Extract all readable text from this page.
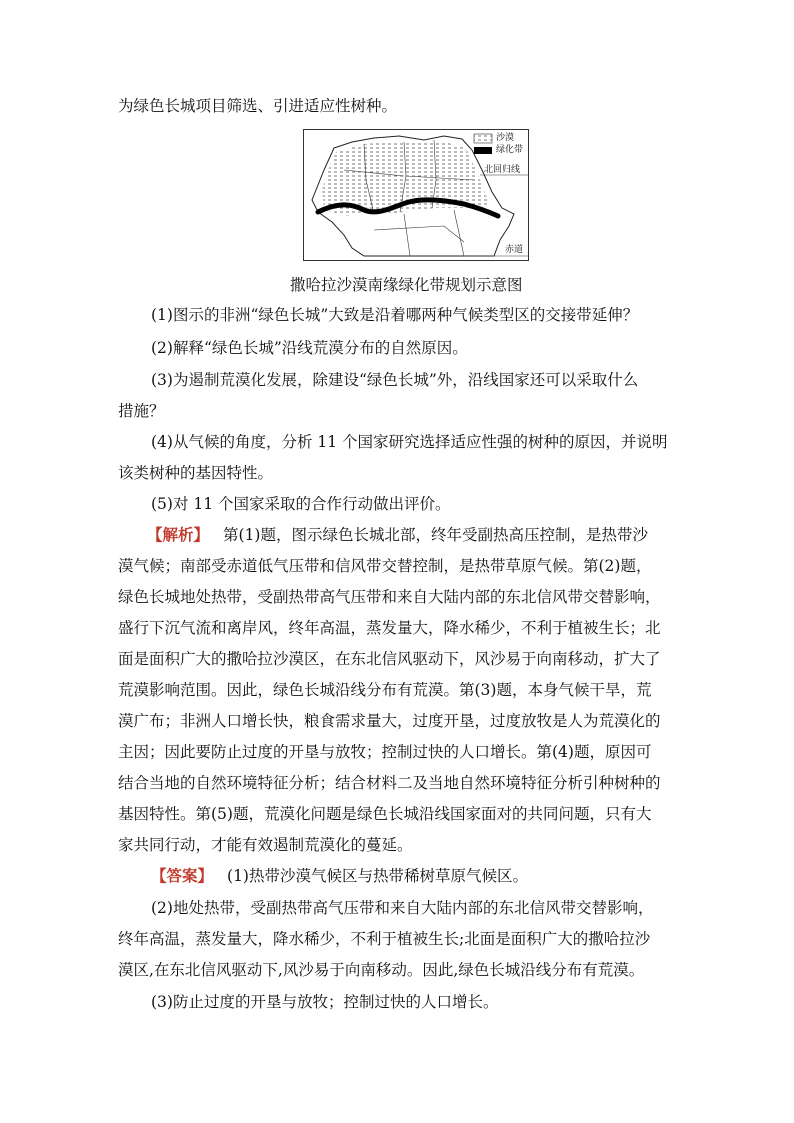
为绿色长城项目筛选、引进适应性树种。
沙漠
绿化带
北回归线
赤道
撒哈拉沙漠南缘绿化带规划示意图
(1)图示的非洲“绿色长城”大致是沿着哪两种气候类型区的交接带延伸？
(2)解释“绿色长城”沿线荒漠分布的自然原因。
(3)为遏制荒漠化发展，除建设“绿色长城”外，沿线国家还可以采取什么
措施？
(4)从气候的角度，分析 11 个国家研究选择适应性强的树种的原因，并说明
该类树种的基因特性。
(5)对 11 个国家采取的合作行动做出评价。
【解析】 第(1)题，图示绿色长城北部，终年受副热高压控制，是热带沙
漠气候；南部受赤道低气压带和信风带交替控制，是热带草原气候。第(2)题，
绿色长城地处热带，受副热带高气压带和来自大陆内部的东北信风带交替影响，
盛行下沉气流和离岸风，终年高温，蒸发量大，降水稀少，不利于植被生长；北
面是面积广大的撒哈拉沙漠区，在东北信风驱动下，风沙易于向南移动，扩大了
荒漠影响范围。因此，绿色长城沿线分布有荒漠。第(3)题，本身气候干旱，荒
漠广布；非洲人口增长快，粮食需求量大，过度开垦，过度放牧是人为荒漠化的
主因；因此要防止过度的开垦与放牧；控制过快的人口增长。第(4)题，原因可
结合当地的自然环境特征分析；结合材料二及当地自然环境特征分析引种树种的
基因特性。第(5)题，荒漠化问题是绿色长城沿线国家面对的共同问题，只有大
家共同行动，才能有效遏制荒漠化的蔓延。
【答案】 (1)热带沙漠气候区与热带稀树草原气候区。
(2)地处热带，受副热带高气压带和来自大陆内部的东北信风带交替影响，
终年高温，蒸发量大，降水稀少，不利于植被生长;北面是面积广大的撒哈拉沙
漠区,在东北信风驱动下,风沙易于向南移动。因此,绿色长城沿线分布有荒漠。
(3)防止过度的开垦与放牧；控制过快的人口增长。
